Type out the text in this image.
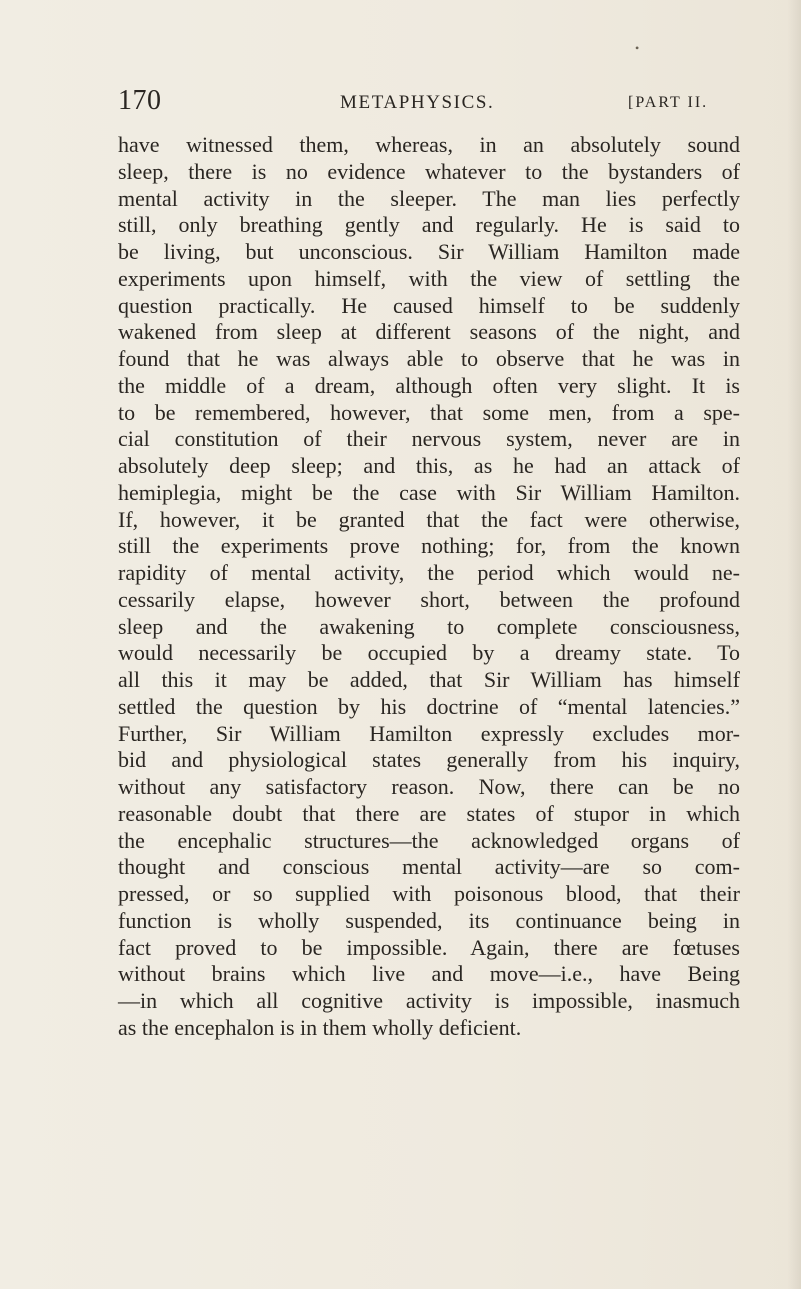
•
170	METAPHYSICS.	[PART II.
have witnessed them, whereas, in an absolutely sound
sleep, there is no evidence whatever to the bystanders of
mental activity in the sleeper. The man lies perfectly
still, only breathing gently and regularly. He is said to
be living, but unconscious. Sir William Hamilton made
experiments upon himself, with the view of settling the
question practically. He caused himself to be suddenly
wakened from sleep at different seasons of the night, and
found that he was always able to observe that he was in
the middle of a dream, although often very slight. It is
to be remembered, however, that some men, from a spe-
cial constitution of their nervous system, never are in
absolutely deep sleep; and this, as he had an attack of
hemiplegia, might be the case with Sir William Hamilton.
If, however, it be granted that the fact were otherwise,
still the experiments prove nothing; for, from the known
rapidity of mental activity, the period which would ne-
cessarily elapse, however short, between the profound
sleep and the awakening to complete consciousness,
would necessarily be occupied by a dreamy state. To
all this it may be added, that Sir William has himself
settled the question by his doctrine of “mental latencies.”
Further, Sir William Hamilton expressly excludes mor-
bid and physiological states generally from his inquiry,
without any satisfactory reason. Now, there can be no
reasonable doubt that there are states of stupor in which
the encephalic structures—the acknowledged organs of
thought and conscious mental activity—are so com-
pressed, or so supplied with poisonous blood, that their
function is wholly suspended, its continuance being in
fact proved to be impossible. Again, there are fœtuses
without brains which live and move—i.e., have Being
—in which all cognitive activity is impossible, inasmuch
as the encephalon is in them wholly deficient.
